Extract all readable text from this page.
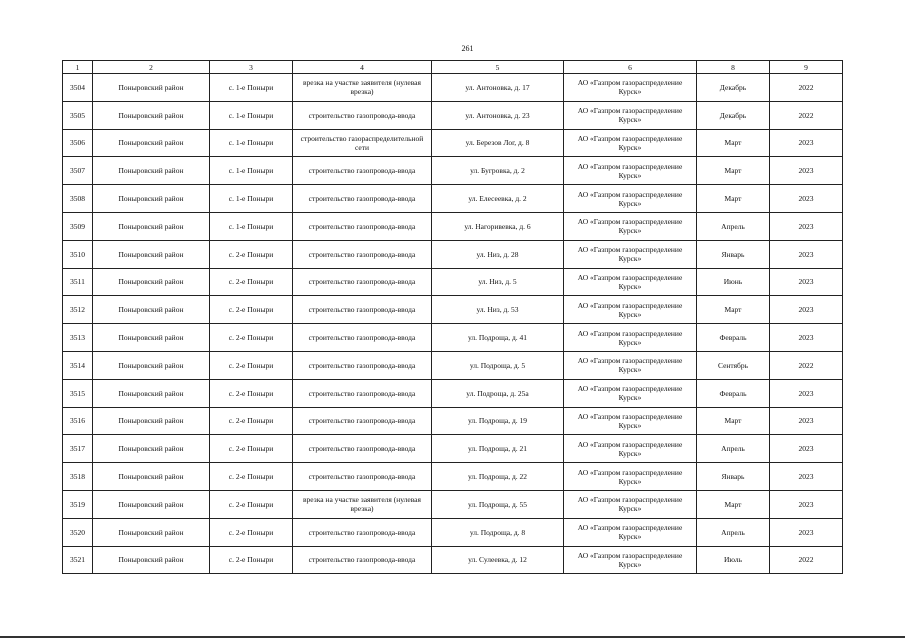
261
1	2	3	4	5	6	8	9
3504	Поныровский район	с. 1-е Поныри	врезка на участке заявителя (нулевая врезка)	ул. Антоновка, д. 17	АО «Газпром газораспределение Курск»	Декабрь	2022
3505	Поныровский район	с. 1-е Поныри	строительство газопровода-ввода	ул. Антоновка, д. 23	АО «Газпром газораспределение Курск»	Декабрь	2022
3506	Поныровский район	с. 1-е Поныри	строительство газораспределительной сети	ул. Березов Лог, д. 8	АО «Газпром газораспределение Курск»	Март	2023
3507	Поныровский район	с. 1-е Поныри	строительство газопровода-ввода	ул. Бугровка, д. 2	АО «Газпром газораспределение Курск»	Март	2023
3508	Поныровский район	с. 1-е Поныри	строительство газопровода-ввода	ул. Елесеевка, д. 2	АО «Газпром газораспределение Курск»	Март	2023
3509	Поныровский район	с. 1-е Поныри	строительство газопровода-ввода	ул. Нагоривевка, д. 6	АО «Газпром газораспределение Курск»	Апрель	2023
3510	Поныровский район	с. 2-е Поныри	строительство газопровода-ввода	ул. Низ, д. 28	АО «Газпром газораспределение Курск»	Январь	2023
3511	Поныровский район	с. 2-е Поныри	строительство газопровода-ввода	ул. Низ, д. 5	АО «Газпром газораспределение Курск»	Июнь	2023
3512	Поныровский район	с. 2-е Поныри	строительство газопровода-ввода	ул. Низ, д. 53	АО «Газпром газораспределение Курск»	Март	2023
3513	Поныровский район	с. 2-е Поныри	строительство газопровода-ввода	ул. Подроща, д. 41	АО «Газпром газораспределение Курск»	Февраль	2023
3514	Поныровский район	с. 2-е Поныри	строительство газопровода-ввода	ул. Подроща, д. 5	АО «Газпром газораспределение Курск»	Сентябрь	2022
3515	Поныровский район	с. 2-е Поныри	строительство газопровода-ввода	ул. Подроща, д. 25а	АО «Газпром газораспределение Курск»	Февраль	2023
3516	Поныровский район	с. 2-е Поныри	строительство газопровода-ввода	ул. Подроща, д. 19	АО «Газпром газораспределение Курск»	Март	2023
3517	Поныровский район	с. 2-е Поныри	строительство газопровода-ввода	ул. Подроща, д. 21	АО «Газпром газораспределение Курск»	Апрель	2023
3518	Поныровский район	с. 2-е Поныри	строительство газопровода-ввода	ул. Подроща, д. 22	АО «Газпром газораспределение Курск»	Январь	2023
3519	Поныровский район	с. 2-е Поныри	врезка на участке заявителя (нулевая врезка)	ул. Подроща, д. 55	АО «Газпром газораспределение Курск»	Март	2023
3520	Поныровский район	с. 2-е Поныри	строительство газопровода-ввода	ул. Подроща, д. 8	АО «Газпром газораспределение Курск»	Апрель	2023
3521	Поныровский район	с. 2-е Поныри	строительство газопровода-ввода	ул. Сулеевка, д. 12	АО «Газпром газораспределение Курск»	Июль	2022
